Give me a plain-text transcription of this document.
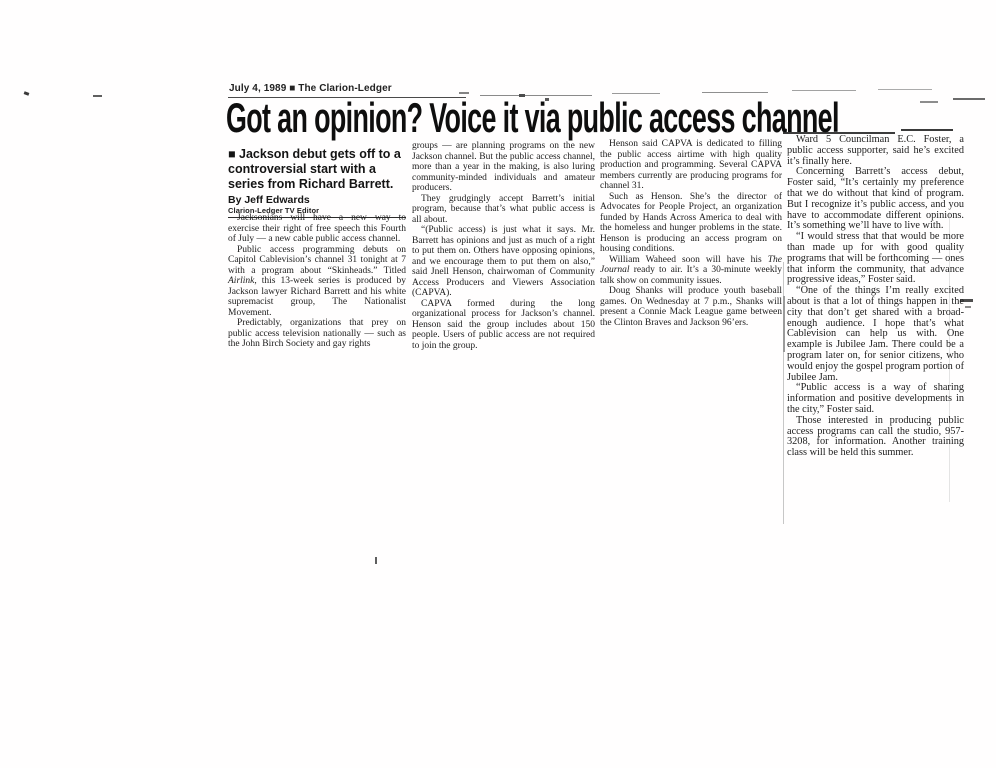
July 4, 1989 ■ The Clarion-Ledger
Got an opinion? Voice it via public access channel
■ Jackson debut gets off to a controversial start with a series from Richard Barrett.
By Jeff Edwards
Clarion-Ledger TV Editor

Jacksonians will have a new way to exercise their right of free speech this Fourth of July — a new cable public access channel.

Public access programming debuts on Capitol Cablevision’s channel 31 tonight at 7 with a program about “Skinheads.” Titled Airlink, this 13-week series is produced by Jackson lawyer Richard Barrett and his white supremacist group, The Nationalist Movement.

Predictably, organizations that prey on public access television nationally — such as the John Birch Society and gay rights

groups — are planning programs on the new Jackson channel. But the public access channel, more than a year in the making, is also luring community-minded individuals and amateur producers.

They grudgingly accept Barrett’s initial program, because that’s what public access is all about.

“(Public access) is just what it says. Mr. Barrett has opinions and just as much of a right to put them on. Others have opposing opinions, and we encourage them to put them on also,” said Jnell Henson, chairwoman of Community Access Producers and Viewers Association (CAPVA).

CAPVA formed during the long organizational process for Jackson’s channel. Henson said the group includes about 150 people. Users of public access are not required to join the group.

Henson said CAPVA is dedicated to filling the public access airtime with high quality production and programming. Several CAPVA members currently are producing programs for channel 31.

Such as Henson. She’s the director of Advocates for People Project, an organization funded by Hands Across America to deal with the homeless and hunger problems in the state. Henson is producing an access program on housing conditions.

William Waheed soon will have his The Journal ready to air. It’s a 30-minute weekly talk show on community issues.

Doug Shanks will produce youth baseball games. On Wednesday at 7 p.m., Shanks will present a Connie Mack League game between the Clinton Braves and Jackson 96’ers.

Ward 5 Councilman E.C. Foster, a public access supporter, said he’s excited it’s finally here.

Concerning Barrett’s access debut, Foster said, “It’s certainly my preference that we do without that kind of program. But I recognize it’s public access, and you have to accommodate different opinions. It’s something we’ll have to live with.

“I would stress that that would be more than made up for with good quality programs that will be forthcoming — ones that inform the community, that advance progressive ideas,” Foster said.

“One of the things I’m really excited about is that a lot of things happen in the city that don’t get shared with a broad-enough audience. I hope that’s what Cablevision can help us with. One example is Jubilee Jam. There could be a program later on, for senior citizens, who would enjoy the gospel program portion of Jubilee Jam.

“Public access is a way of sharing information and positive developments in the city,” Foster said.

Those interested in producing public access programs can call the studio, 957-3208, for information. Another training class will be held this summer.
